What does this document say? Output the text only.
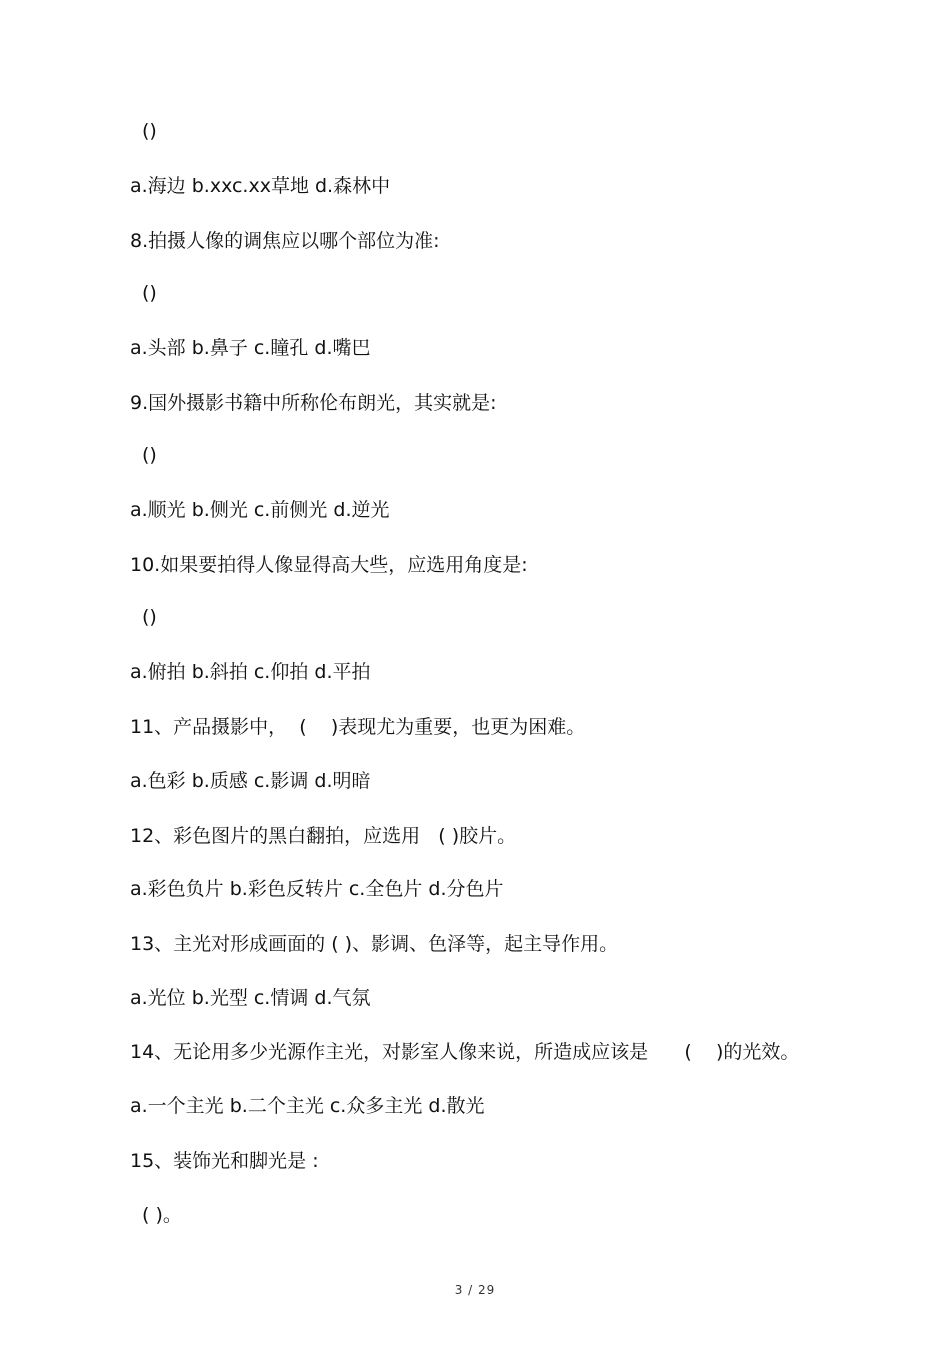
()
a.海边 b.xxc.xx草地 d.森林中
8.拍摄人像的调焦应以哪个部位为准:
()
a.头部 b.鼻子 c.瞳孔 d.嘴巴
9.国外摄影书籍中所称伦布朗光，其实就是:
()
a.顺光 b.侧光 c.前侧光 d.逆光
10.如果要拍得人像显得高大些，应选用角度是:
()
a.俯拍 b.斜拍 c.仰拍 d.平拍
11、产品摄影中，  (    )表现尤为重要，也更为困难。
a.色彩 b.质感 c.影调 d.明暗
12、彩色图片的黑白翻拍，应选用   ( )胶片。
a.彩色负片 b.彩色反转片 c.全色片 d.分色片
13、主光对形成画面的 ( )、影调、色泽等，起主导作用。
a.光位 b.光型 c.情调 d.气氛
14、无论用多少光源作主光，对影室人像来说，所造成应该是      (    )的光效。
a.一个主光 b.二个主光 c.众多主光 d.散光
15、装饰光和脚光是 :
( )。
3 / 29
